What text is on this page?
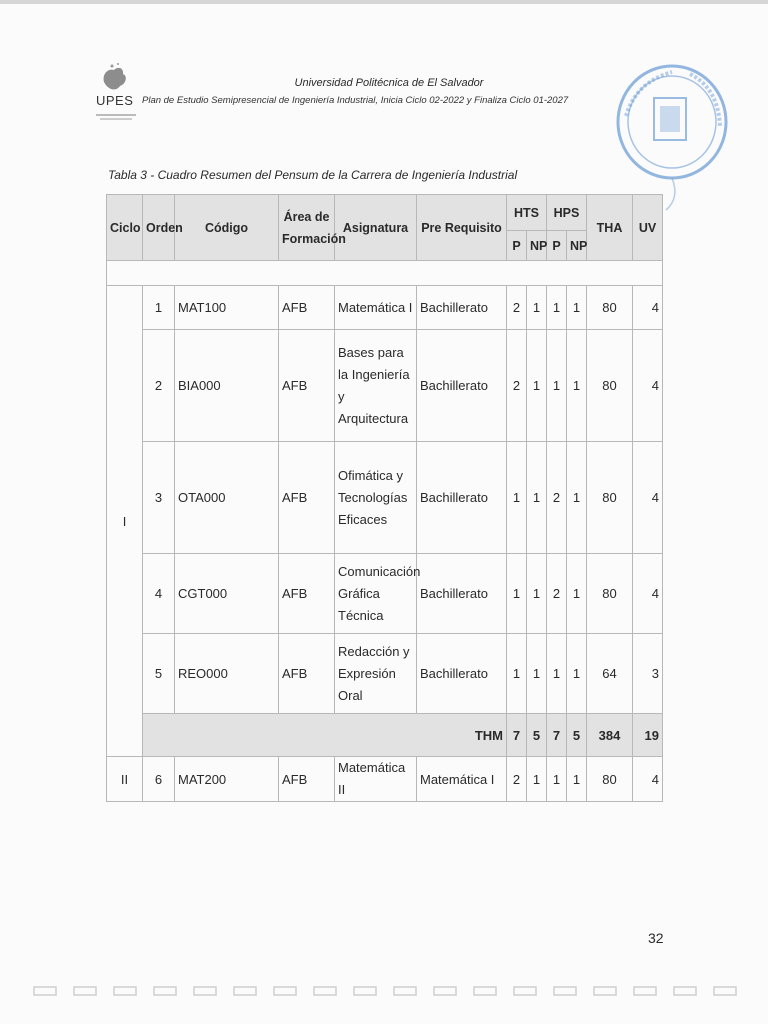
UPES
Universidad Politécnica de El Salvador
Plan de Estudio Semipresencial de Ingeniería Industrial, Inicia Ciclo 02-2022 y Finaliza Ciclo 01-2027
Tabla 3 - Cuadro Resumen del Pensum de la Carrera de Ingeniería Industrial
Ciclo	Orden	Código	Área de Formación	Asignatura	Pre Requisito	HTS		HPS		THA	UV
						P	NP	P	NP		

I	1	MAT100	AFB	Matemática I	Bachillerato	2	1	1	1	80	4
	2	BIA000	AFB	Bases para la Ingeniería y Arquitectura	Bachillerato	2	1	1	1	80	4
	3	OTA000	AFB	Ofimática y Tecnologías Eficaces	Bachillerato	1	1	2	1	80	4
	4	CGT000	AFB	Comunicación Gráfica Técnica	Bachillerato	1	1	2	1	80	4
	5	REO000	AFB	Redacción y Expresión Oral	Bachillerato	1	1	1	1	64	3
	THM					7	5	7	5	384	19
II	6	MAT200	AFB	Matemática II	Matemática I	2	1	1	1	80	4
32
